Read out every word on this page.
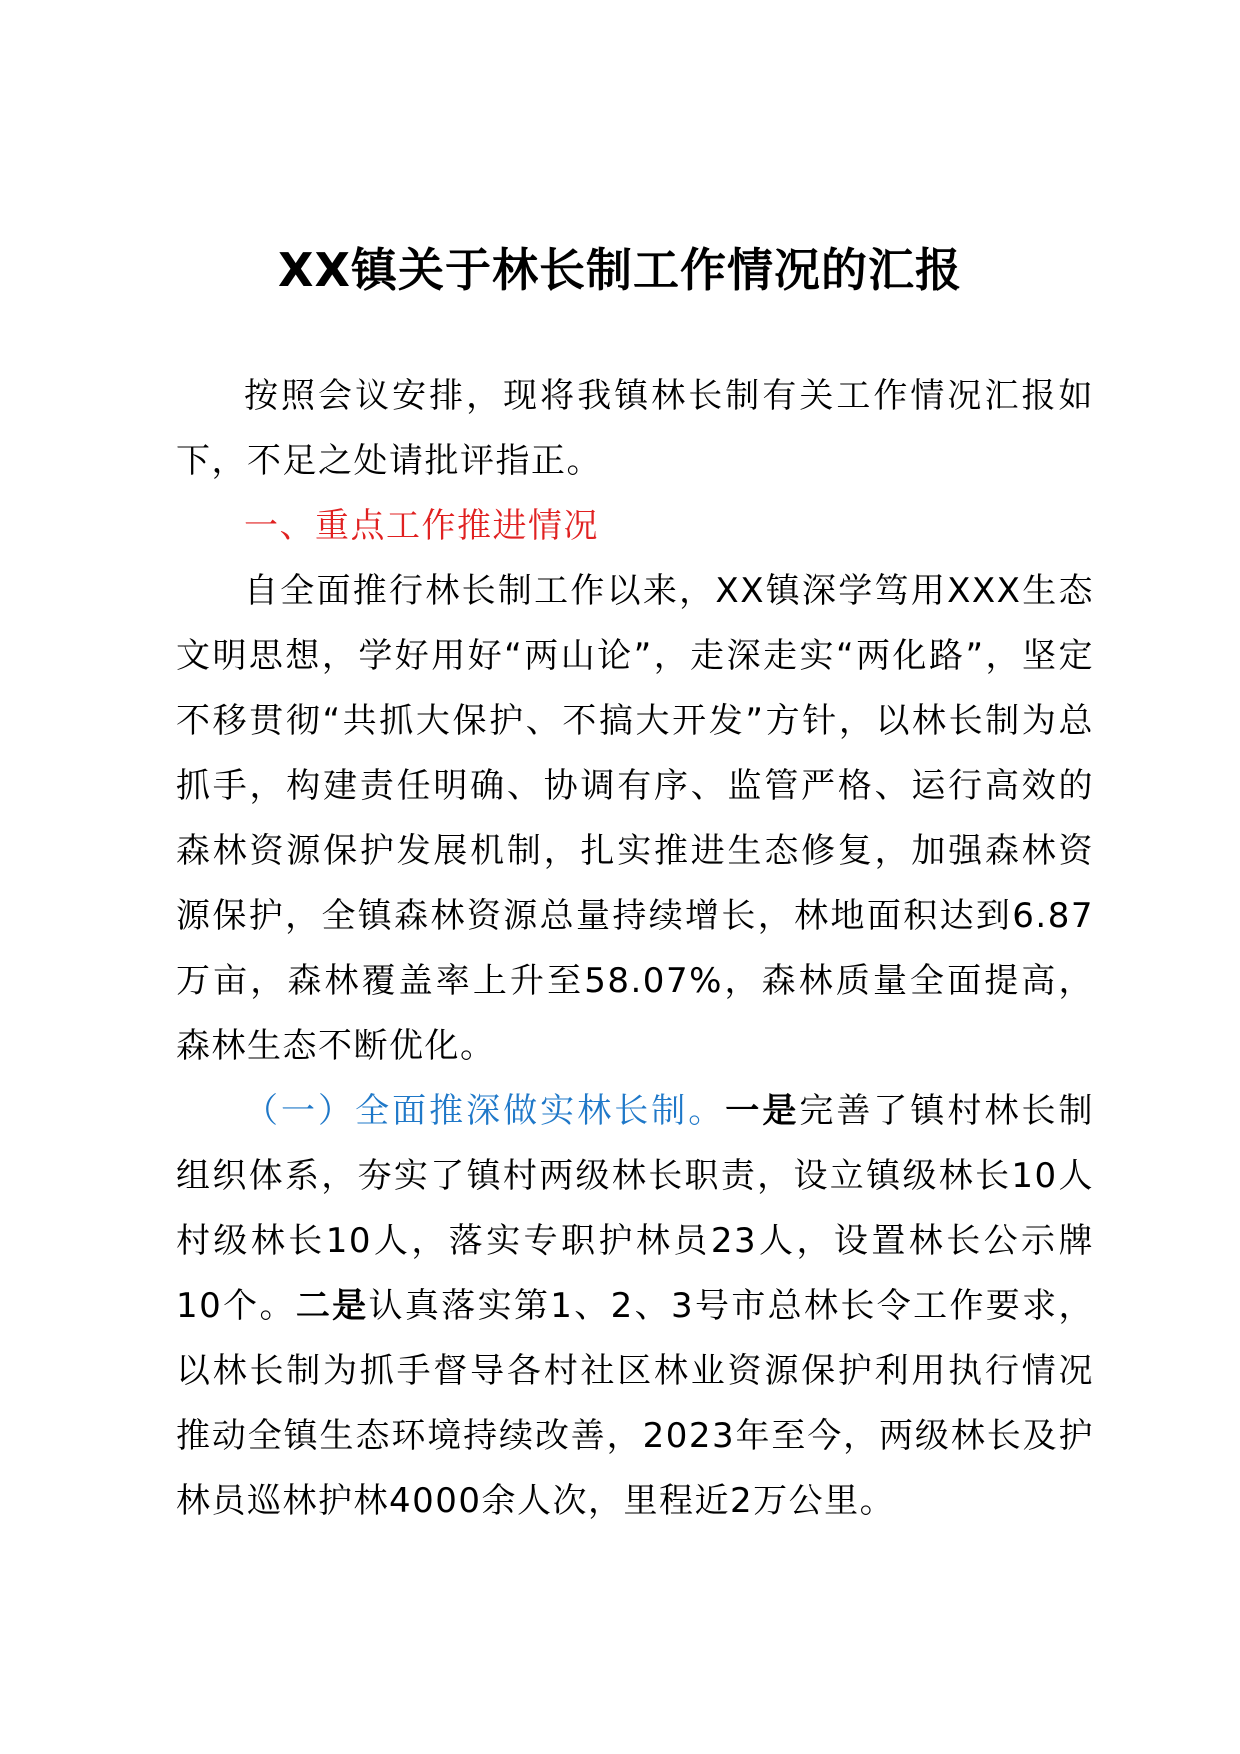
XX镇关于林长制工作情况的汇报

按照会议安排，现将我镇林长制有关工作情况汇报如下，不足之处请批评指正。

一、重点工作推进情况

自全面推行林长制工作以来，XX镇深学笃用XXX生态文明思想，学好用好“两山论”，走深走实“两化路”，坚定不移贯彻“共抓大保护、不搞大开发”方针，以林长制为总抓手，构建责任明确、协调有序、监管严格、运行高效的森林资源保护发展机制，扎实推进生态修复，加强森林资源保护，全镇森林资源总量持续增长，林地面积达到6.87万亩，森林覆盖率上升至58.07%，森林质量全面提高，森林生态不断优化。

（一）全面推深做实林长制。一是完善了镇村林长制组织体系，夯实了镇村两级林长职责，设立镇级林长10人村级林长10人，落实专职护林员23人，设置林长公示牌10个。二是认真落实第1、2、3号市总林长令工作要求，以林长制为抓手督导各村社区林业资源保护利用执行情况推动全镇生态环境持续改善，2023年至今，两级林长及护林员巡林护林4000余人次，里程近2万公里。
